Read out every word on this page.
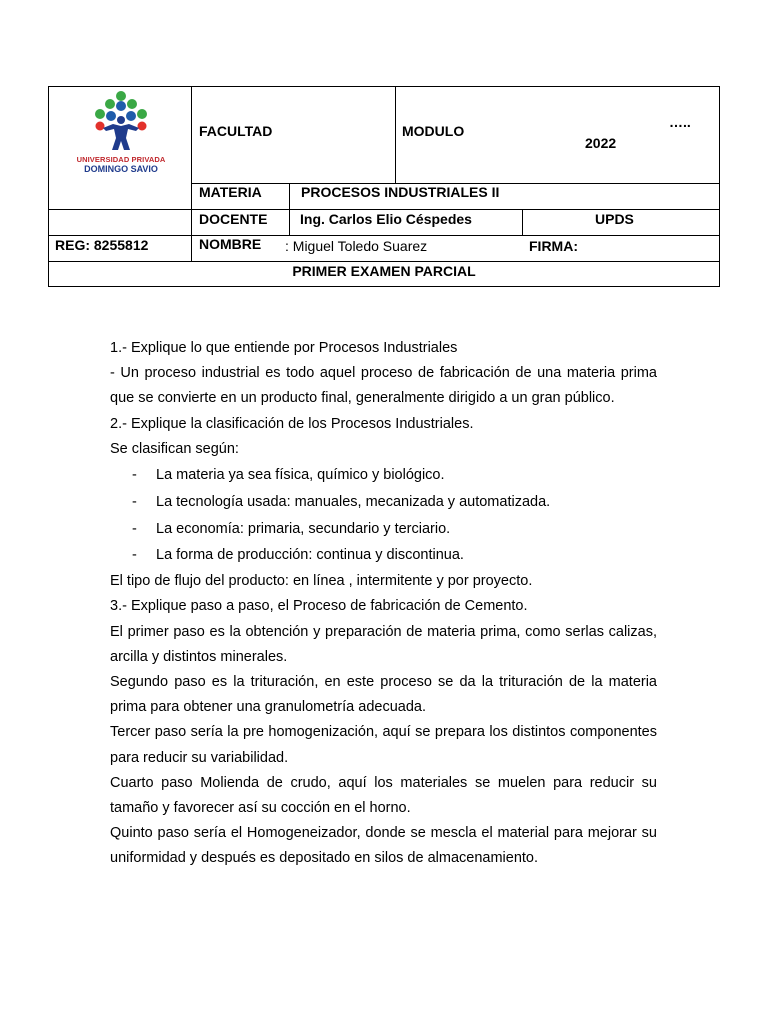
UNIVERSIDAD PRIVADA
DOMINGO SAVIO
FACULTAD	MODULO
…..
2022
MATERIA	PROCESOS INDUSTRIALES II
DOCENTE Ing. Carlos Elio Céspedes	UPDS
REG: 8255812	NOMBRE : Miguel Toledo Suarez	FIRMA:
PRIMER EXAMEN PARCIAL

1.- Explique lo que entiende por Procesos Industriales

- Un proceso industrial es todo aquel proceso de fabricación de una materia prima que se convierte en un producto final, generalmente dirigido a un gran público.

2.- Explique la clasificación de los Procesos Industriales.

Se clasifican según:

- La materia ya sea física, químico y biológico.
- La tecnología usada: manuales, mecanizada y automatizada.
- La economía: primaria, secundario y terciario.
- La forma de producción: continua y discontinua.

El tipo de flujo del producto: en línea , intermitente y por proyecto.

3.- Explique paso a paso, el Proceso de fabricación de Cemento.

El primer paso es la obtención y preparación de materia prima, como serlas calizas, arcilla y distintos minerales.

Segundo paso es la trituración, en este proceso se da la trituración de la materia prima para obtener una granulometría adecuada.

Tercer paso sería la pre homogenización, aquí se prepara los distintos componentes para reducir su variabilidad.

Cuarto paso Molienda de crudo, aquí los materiales se muelen para reducir su tamaño y favorecer así su cocción en el horno.

Quinto paso sería el Homogeneizador, donde se mescla el material para mejorar su uniformidad y después es depositado en silos de almacenamiento.
